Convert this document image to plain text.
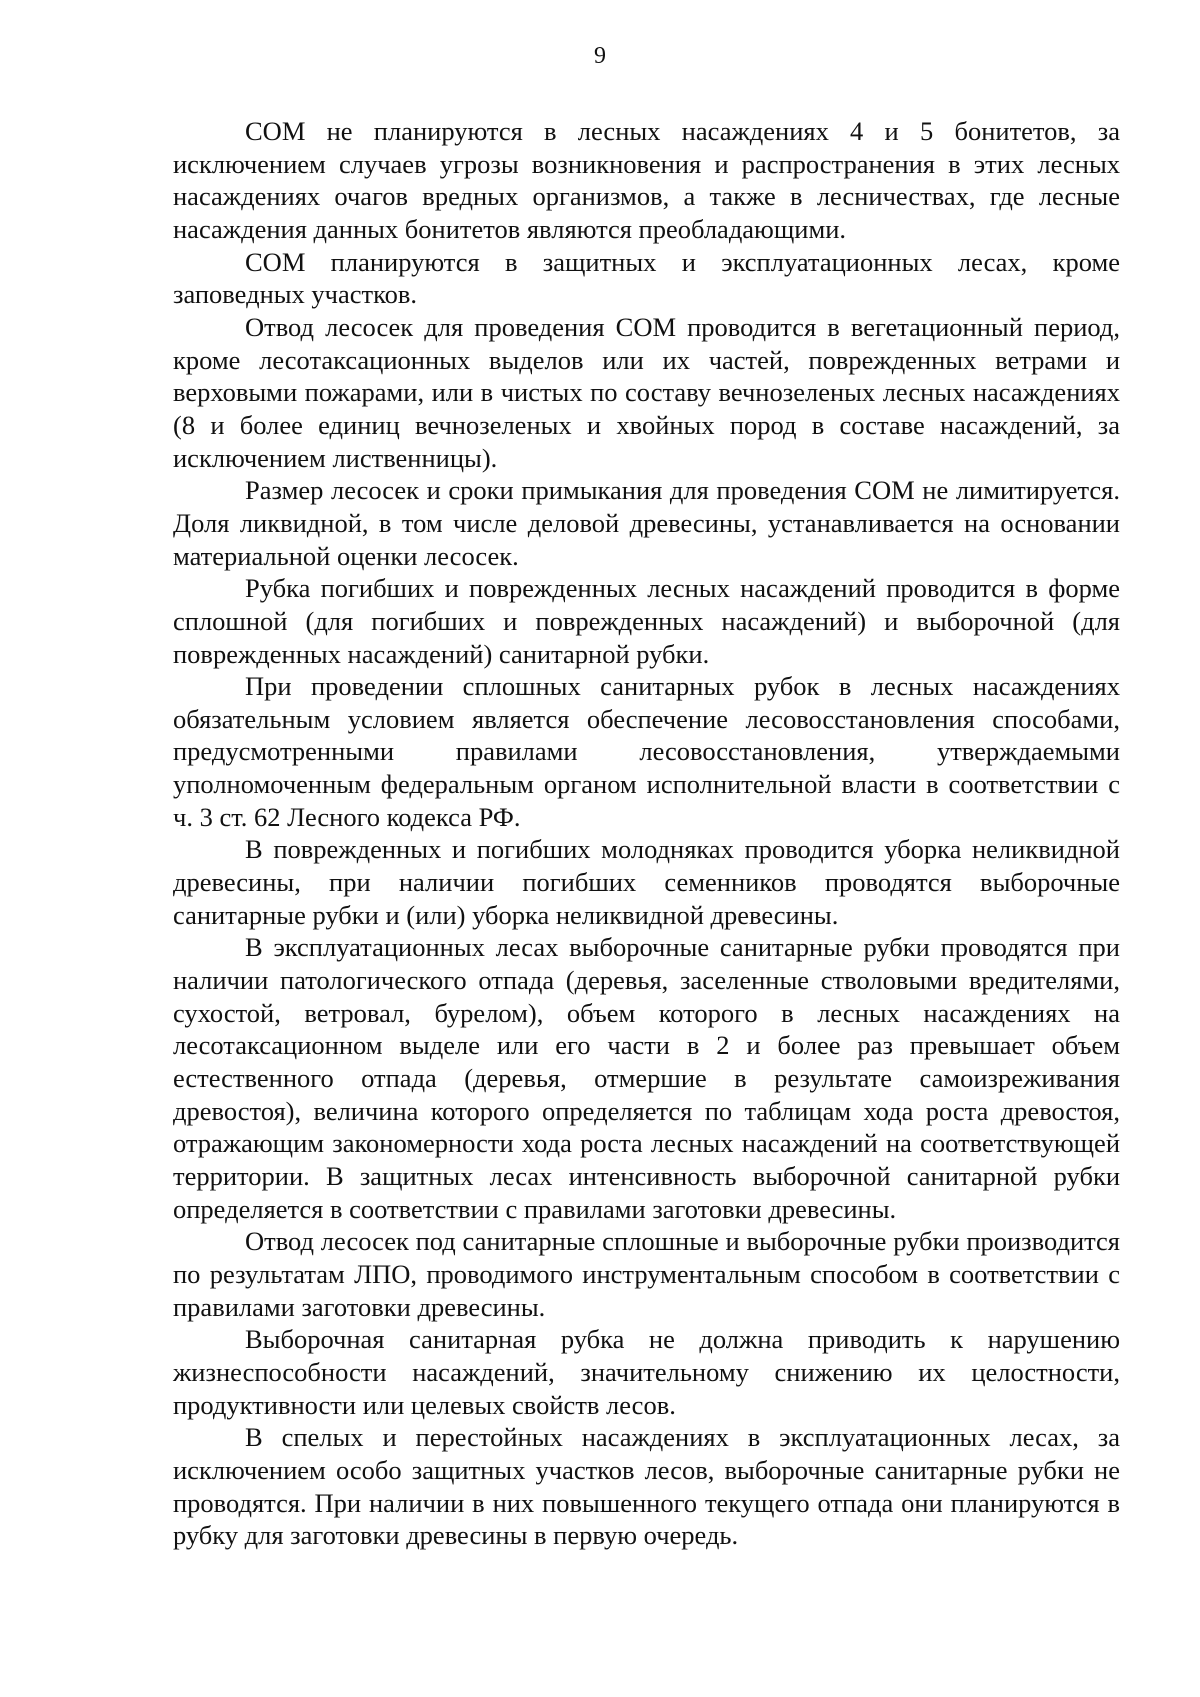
9

СОМ не планируются в лесных насаждениях 4 и 5 бонитетов, за исключением случаев угрозы возникновения и распространения в этих лесных насаждениях очагов вредных организмов, а также в лесничествах, где лесные насаждения данных бонитетов являются преобладающими.

СОМ планируются в защитных и эксплуатационных лесах, кроме заповедных участков.

Отвод лесосек для проведения СОМ проводится в вегетационный период, кроме лесотаксационных выделов или их частей, поврежденных ветрами и верховыми пожарами, или в чистых по составу вечнозеленых лесных насаждениях (8 и более единиц вечнозеленых и хвойных пород в составе насаждений, за исключением лиственницы).

Размер лесосек и сроки примыкания для проведения СОМ не лимитируется. Доля ликвидной, в том числе деловой древесины, устанавливается на основании материальной оценки лесосек.

Рубка погибших и поврежденных лесных насаждений проводится в форме сплошной (для погибших и поврежденных насаждений) и выборочной (для поврежденных насаждений) санитарной рубки.

При проведении сплошных санитарных рубок в лесных насаждениях обязательным условием является обеспечение лесовосстановления способами, предусмотренными правилами лесовосстановления, утверждаемыми уполномоченным федеральным органом исполнительной власти в соответствии с ч. 3 ст. 62 Лесного кодекса РФ.

В поврежденных и погибших молодняках проводится уборка неликвидной древесины, при наличии погибших семенников проводятся выборочные санитарные рубки и (или) уборка неликвидной древесины.

В эксплуатационных лесах выборочные санитарные рубки проводятся при наличии патологического отпада (деревья, заселенные стволовыми вредителями, сухостой, ветровал, бурелом), объем которого в лесных насаждениях на лесотаксационном выделе или его части в 2 и более раз превышает объем естественного отпада (деревья, отмершие в результате самоизреживания древостоя), величина которого определяется по таблицам хода роста древостоя, отражающим закономерности хода роста лесных насаждений на соответствующей территории. В защитных лесах интенсивность выборочной санитарной рубки определяется в соответствии с правилами заготовки древесины.

Отвод лесосек под санитарные сплошные и выборочные рубки производится по результатам ЛПО, проводимого инструментальным способом в соответствии с правилами заготовки древесины.

Выборочная санитарная рубка не должна приводить к нарушению жизнеспособности насаждений, значительному снижению их целостности, продуктивности или целевых свойств лесов.

В спелых и перестойных насаждениях в эксплуатационных лесах, за исключением особо защитных участков лесов, выборочные санитарные рубки не проводятся. При наличии в них повышенного текущего отпада они планируются в рубку для заготовки древесины в первую очередь.
